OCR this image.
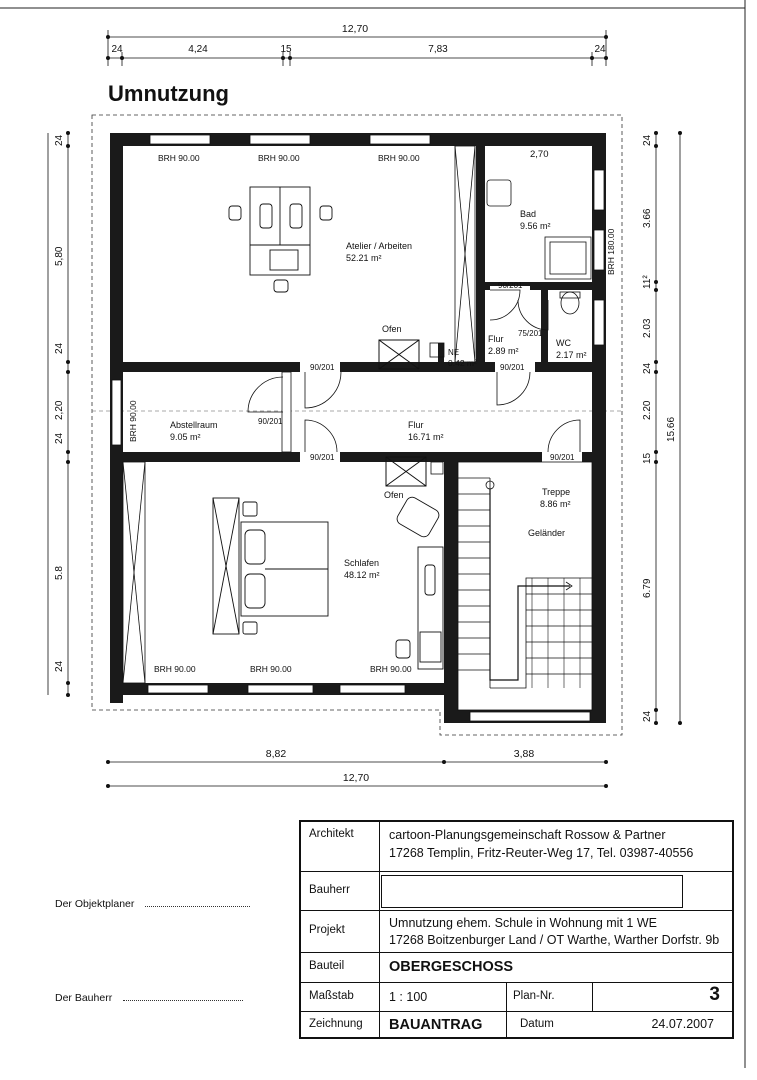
12,70
24	4,24	15	7,83	24
Umnutzung
Atelier / Arbeiten
52.21 m²
Bad
9.56 m²
Flur
2.89 m²
WC
2.17 m²
NE
0.42 m²
Abstellraum
9.05 m²
Flur
16.71 m²
Schlafen
48.12 m²
Treppe
8.86 m²
BRH 90.00	BRH 90.00	BRH 90.00
BRH 90.00	BRH 90.00	BRH 90.00
BRH 180.00
BRH 90.00
Ofen
Ofen
Geländer
2,70
90/201	90/201
90/201
90/201	90/201
90/201
75/201
24
5,80
24
2,20
24
5.8
24
24
3.66
11²
2.03
24
2.20
15
6.79
24
15.66
8,82	3,88
12,70
Der Objektplaner
Der Bauherr
Architekt	cartoon-Planungsgemeinschaft Rossow & Partner
17268 Templin, Fritz-Reuter-Weg 17, Tel. 03987-40556
Bauherr
Projekt	Umnutzung ehem. Schule in Wohnung mit 1 WE
17268 Boitzenburger Land / OT Warthe, Warther Dorfstr. 9b
Bauteil	OBERGESCHOSS
Maßstab	1 : 100	Plan-Nr.	3
Zeichnung BAUANTRAG	Datum	24.07.2007
